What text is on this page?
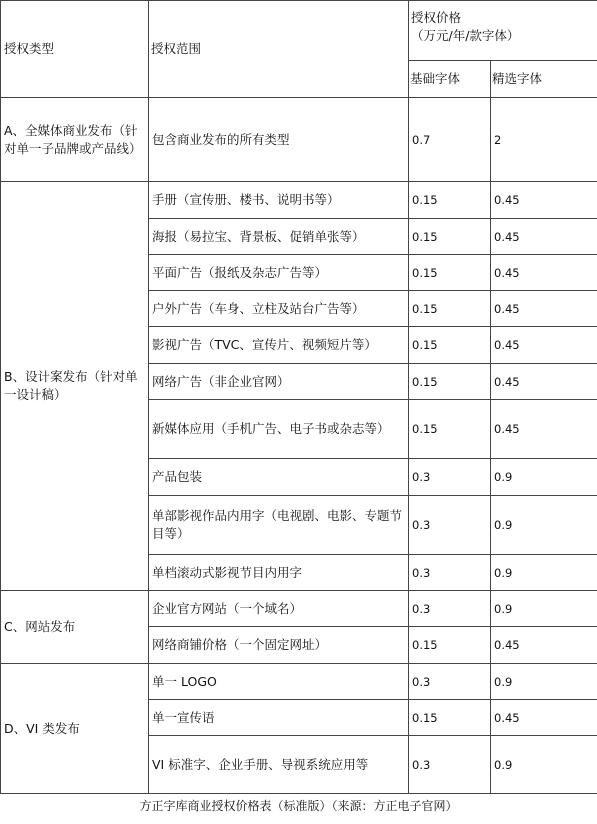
授权类型	授权范围	授权价格
（万元/年/款字体）	

		基础字体	精选字体
A、全媒体商业发布（针对单一子品牌或产品线）	包含商业发布的所有类型	0.7	2
B、设计案发布（针对单一设计稿）	手册（宣传册、楼书、说明书等）	0.15	0.45
	海报（易拉宝、背景板、促销单张等）	0.15	0.45
	平面广告（报纸及杂志广告等）	0.15	0.45
	户外广告（车身、立柱及站台广告等）	0.15	0.45
	影视广告（TVC、宣传片、视频短片等）	0.15	0.45
	网络广告（非企业官网）	0.15	0.45
	新媒体应用（手机广告、电子书或杂志等）	0.15	0.45
	产品包装	0.3	0.9
	单部影视作品内用字（电视剧、电影、专题节目等）	0.3	0.9
	单档滚动式影视节目内用字	0.3	0.9
C、网站发布	企业官方网站（一个域名）	0.3	0.9
	网络商铺价格（一个固定网址）	0.15	0.45
D、VI 类发布	单一 LOGO	0.3	0.9
	单一宣传语	0.15	0.45
	VI 标准字、企业手册、导视系统应用等	0.3	0.9
方正字库商业授权价格表（标准版）（来源：方正电子官网）
